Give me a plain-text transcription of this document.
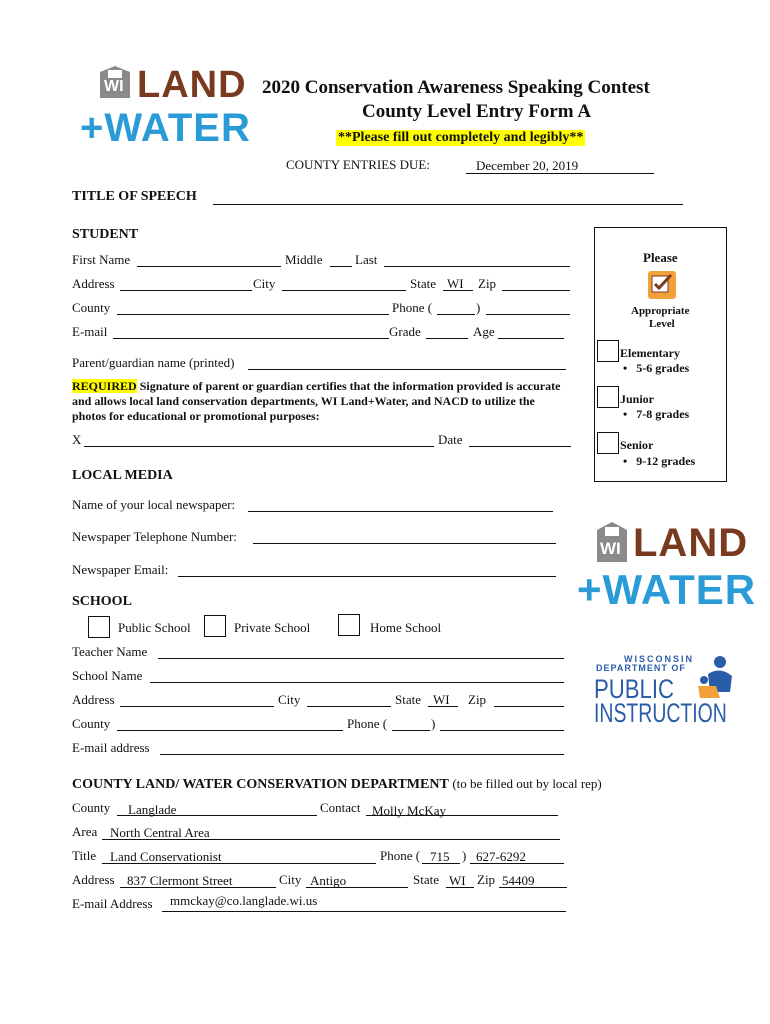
WI LAND
+WATER
2020 Conservation Awareness Speaking Contest
County Level Entry Form A
**Please fill out completely and legibly**
COUNTY ENTRIES DUE:	December 20, 2019
TITLE OF SPEECH
STUDENT
First Name	Middle Last
Address	City	State WI Zip
County	Phone (	)
E-mail	Grade	Age
Parent/guardian name (printed)
REQUIRED Signature of parent or guardian certifies that the information provided is accurate and allows local land conservation departments, WI Land+Water, and NACD to utilize the photos for educational or promotional purposes:
X	Date
Please
Appropriate
Level
Elementary
•   5-6 grades
Junior
•   7-8 grades
Senior
•   9-12 grades
LOCAL MEDIA
Name of your local newspaper:
Newspaper Telephone Number:
Newspaper Email:
WI LAND
+WATER
SCHOOL
Public School	Private School	Home School
Teacher Name
School Name
Address	City	State WI Zip
County	Phone (	)
E-mail address
WISCONSIN
DEPARTMENT OF
PUBLIC
INSTRUCTION
COUNTY LAND/ WATER CONSERVATION DEPARTMENT (to be filled out by local rep)
County Langlade	Contact Molly McKay
Area North Central Area
Title Land Conservationist	Phone ( 715 ) 627-6292
Address 837 Clermont Street	City Antigo	State WI Zip 54409
E-mail Address mmckay@co.langlade.wi.us
